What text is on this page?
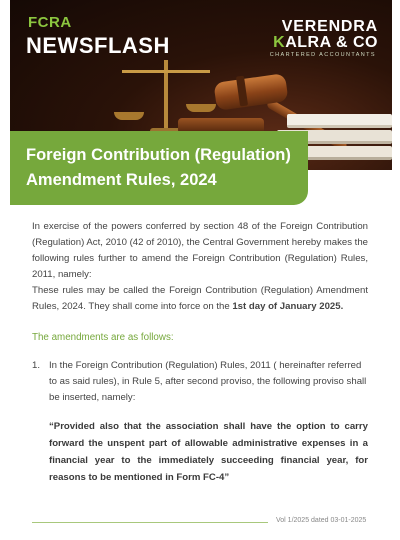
FCRA
NEWSFLASH
VERENDRA
KALRA & CO
CHARTERED ACCOUNTANTS
Foreign Contribution (Regulation)
Amendment Rules, 2024

In exercise of the powers conferred by section 48 of the Foreign Contribution (Regulation) Act, 2010 (42 of 2010), the Central Government hereby makes the following rules further to amend the Foreign Contribution (Regulation) Rules, 2011, namely:

These rules may be called the Foreign Contribution (Regulation) Amendment Rules, 2024. They shall come into force on the 1st day of January 2025.

The amendments are as follows:

1. In the Foreign Contribution (Regulation) Rules, 2011 ( hereinafter referred to as said rules), in Rule 5, after second proviso, the following proviso shall be inserted, namely:

“Provided also that the association shall have the option to carry forward the unspent part of allowable administrative expenses in a financial year to the immediately succeeding financial year, for reasons to be mentioned in Form FC-4”

Vol 1/2025 dated 03-01-2025
